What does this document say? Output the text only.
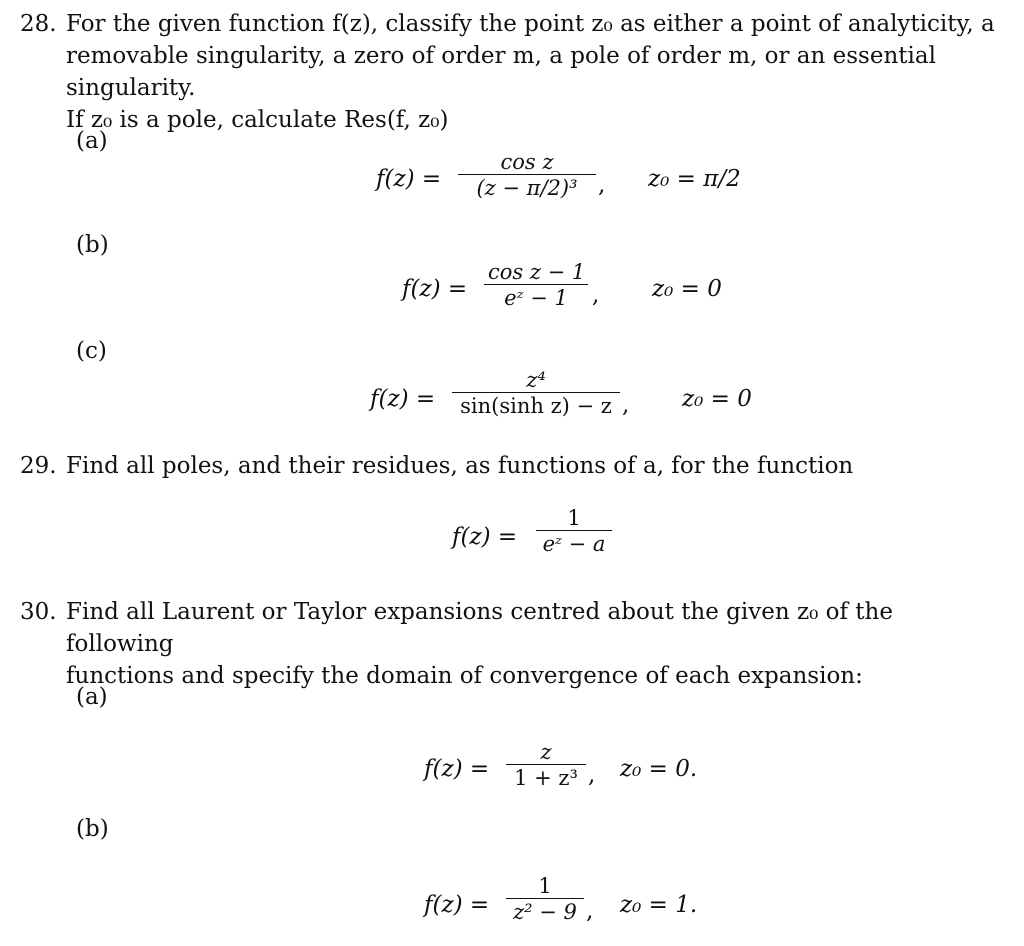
28. For the given function f(z), classify the point z₀ as either a point of analyticity, a
removable singularity, a zero of order m, a pole of order m, or an essential singularity.
If z₀ is a pole, calculate Res(f, z₀)
(a)
f(z) =
cos z
(z − π/2)³ , z₀ = π/2
(b)
f(z) =
cos z − 1
eᶻ − 1	, z₀ = 0
(c)
f(z) =
z⁴
sin(sinh z) − z , z₀ = 0
29. Find all poles, and their residues, as functions of a, for the function
f(z) =
1
eᶻ − a
30. Find all Laurent or Taylor expansions centred about the given z₀ of the following
functions and specify the domain of convergence of each expansion:
(a)
f(z) =
z
1 + z³ , z₀ = 0.
(b)
f(z) =
1
z² − 9 , z₀ = 1.
